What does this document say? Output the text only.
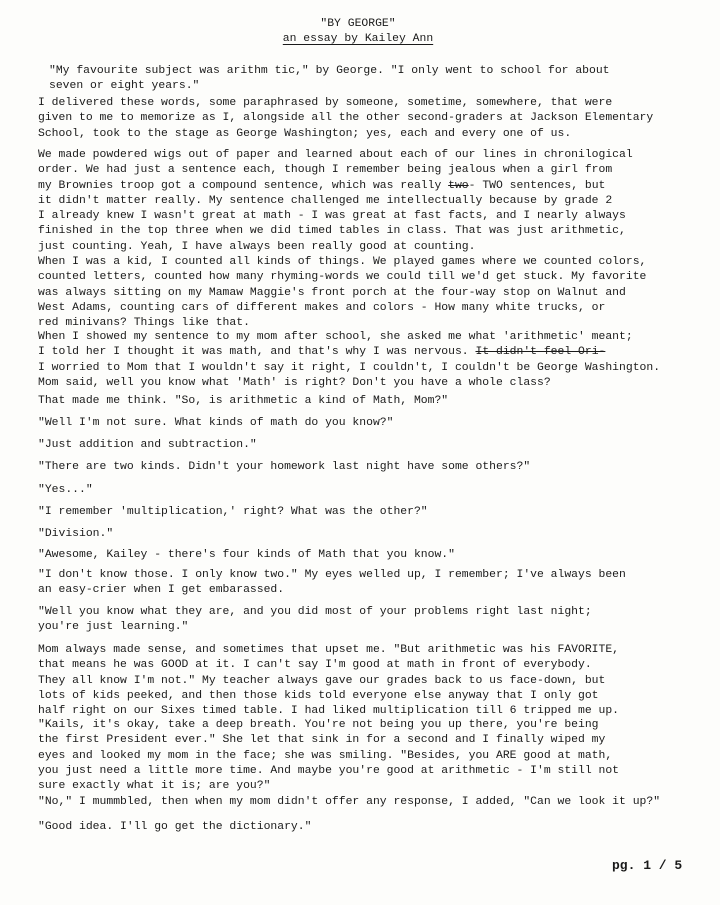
"BY GEORGE"
an essay by Kailey Ann

"My favourite subject was arithm tic," by George. "I only went to school for about
seven or eight years."

I delivered these words, some paraphrased by someone, sometime, somewhere, that were
given to me to memorize as I, alongside all the other second-graders at Jackson Elementary
School, took to the stage as George Washington; yes, each and every one of us.

We made powdered wigs out of paper and learned about each of our lines in chronilogical
order. We had just a sentence each, though I remember being jealous when a girl from
my Brownies troop got a compound sentence, which was really two- TWO sentences, but
it didn't matter really. My sentence challenged me intellectually because by grade 2
I already knew I wasn't great at math - I was great at fast facts, and I nearly always
finished in the top three when we did timed tables in class. That was just arithmetic,
just counting. Yeah, I have always been really good at counting.

When I was a kid, I counted all kinds of things. We played games where we counted colors,
counted letters, counted how many rhyming-words we could till we'd get stuck. My favorite
was always sitting on my Mamaw Maggie's front porch at the four-way stop on Walnut and
West Adams, counting cars of different makes and colors - How many white trucks, or
red minivans? Things like that.

When I showed my sentence to my mom after school, she asked me what 'arithmetic' meant;
I told her I thought it was math, and that's why I was nervous. It didn't feel Ori-
I worried to Mom that I wouldn't say it right, I couldn't, I couldn't be George Washington.
Mom said, well you know what 'Math' is right? Don't you have a whole class?

That made me think. "So, is arithmetic a kind of Math, Mom?"

"Well I'm not sure. What kinds of math do you know?"

"Just addition and subtraction."

"There are two kinds. Didn't your homework last night have some others?"

"Yes..."

"I remember 'multiplication,' right? What was the other?"

"Division."

"Awesome, Kailey - there's four kinds of Math that you know."

"I don't know those. I only know two." My eyes welled up, I remember; I've always been
an easy-crier when I get embarassed.

"Well you know what they are, and you did most of your problems right last night;
you're just learning."

Mom always made sense, and sometimes that upset me. "But arithmetic was his FAVORITE,
that means he was GOOD at it. I can't say I'm good at math in front of everybody.
They all know I'm not." My teacher always gave our grades back to us face-down, but
lots of kids peeked, and then those kids told everyone else anyway that I only got
half right on our Sixes timed table. I had liked multiplication till 6 tripped me up.

"Kails, it's okay, take a deep breath. You're not being you up there, you're being
the first President ever." She let that sink in for a second and I finally wiped my
eyes and looked my mom in the face; she was smiling. "Besides, you ARE good at math,
you just need a little more time. And maybe you're good at arithmetic - I'm still not
sure exactly what it is; are you?"

"No," I mummbled, then when my mom didn't offer any response, I added, "Can we look it up?"

"Good idea. I'll go get the dictionary."

pg. 1 / 5
